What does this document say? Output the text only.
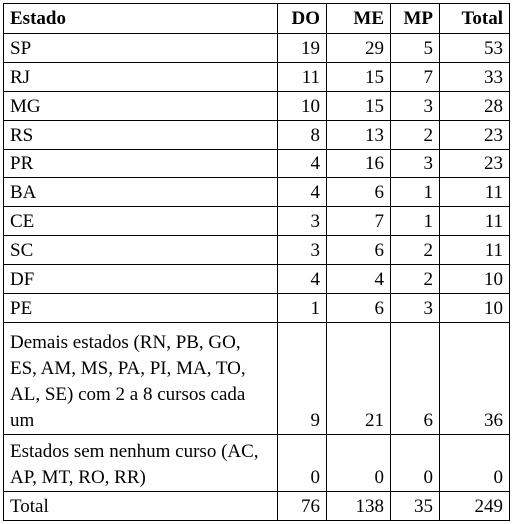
Estado	DO	ME	MP	Total
SP	19	29	5	53
RJ	11	15	7	33
MG	10	15	3	28
RS	8	13	2	23
PR	4	16	3	23
BA	4	6	1	11
CE	3	7	1	11
SC	3	6	2	11
DF	4	4	2	10
PE	1	6	3	10
Demais estados (RN, PB, GO, ES, AM, MS, PA, PI, MA, TO, AL, SE) com 2 a 8 cursos cada um	9	21	6	36
Estados sem nenhum curso (AC, AP, MT, RO, RR)	0	0	0	0
Total	76	138	35	249
